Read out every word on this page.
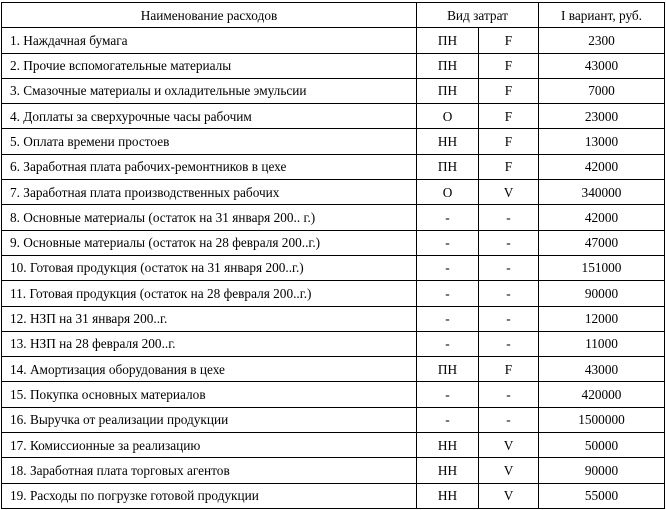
Наименование расходов	Вид затрат		I вариант, руб.
1. Наждачная бумага	ПН	F	2300
2. Прочие вспомогательные материалы	ПН	F	43000
3. Смазочные материалы и охладительные эмульсии	ПН	F	7000
4. Доплаты за сверхурочные часы рабочим	О	F	23000
5. Оплата времени простоев	НН	F	13000
6. Заработная плата рабочих-ремонтников в цехе	ПН	F	42000
7. Заработная плата производственных рабочих	О	V	340000
8. Основные материалы (остаток на 31 января 200.. г.)	-	-	42000
9. Основные материалы (остаток на 28 февраля 200..г.)	-	-	47000
10. Готовая продукция (остаток на 31 января 200..г.)	-	-	151000
11. Готовая продукция (остаток на 28 февраля 200..г.)	-	-	90000
12. НЗП на 31 января 200..г.	-	-	12000
13. НЗП на 28 февраля 200..г.	-	-	11000
14. Амортизация оборудования в цехе	ПН	F	43000
15. Покупка основных материалов	-	-	420000
16. Выручка от реализации продукции	-	-	1500000
17. Комиссионные за реализацию	НН	V	50000
18. Заработная плата торговых агентов	НН	V	90000
19. Расходы по погрузке готовой продукции	НН	V	55000
